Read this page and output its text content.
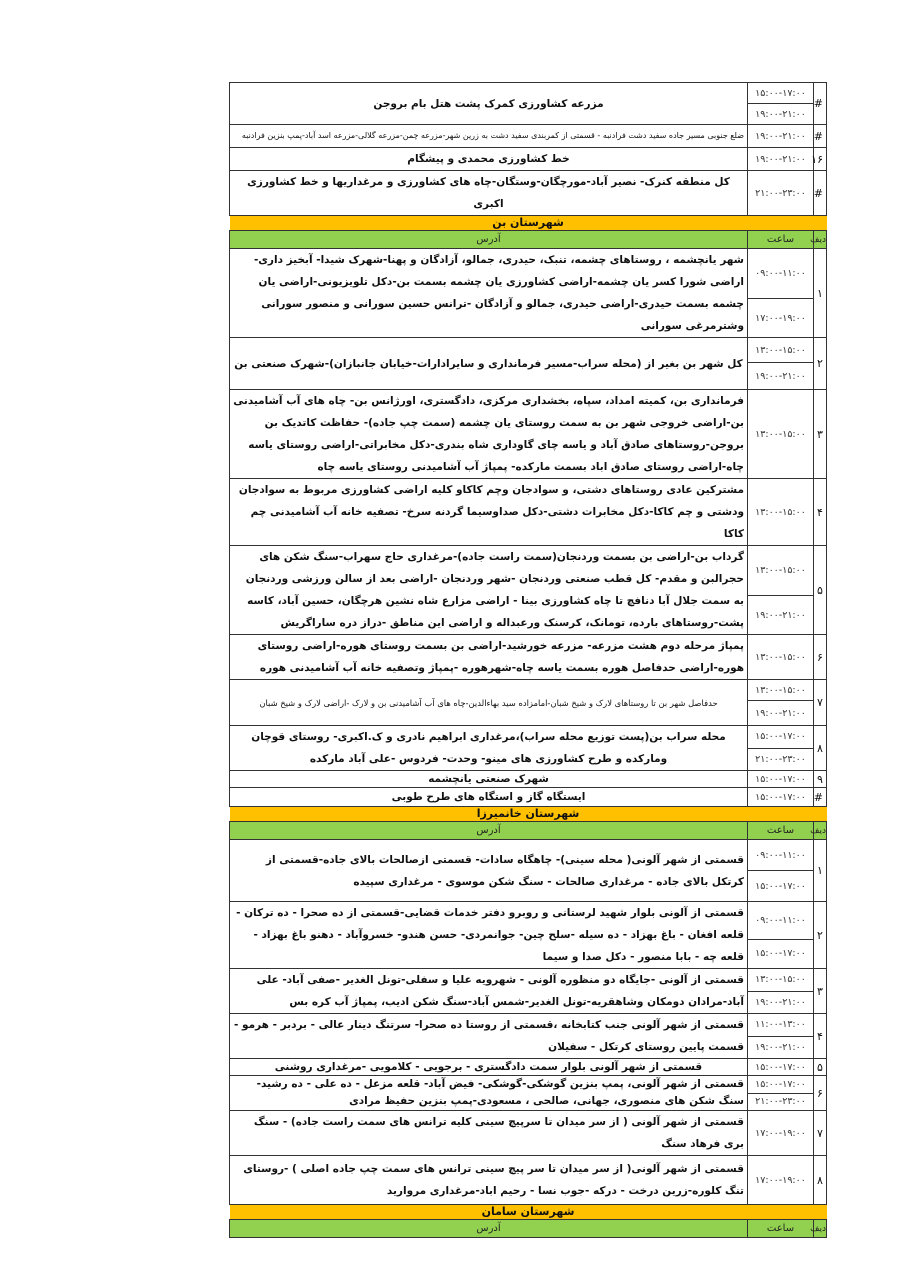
#	۱۵:۰۰-۱۷:۰۰	مزرعه کشاورزی کمرک پشت هتل بام بروجن
	۱۹:۰۰-۲۱:۰۰	
#	۱۹:۰۰-۲۱:۰۰	ضلع جنوبی مسیر جاده سفید دشت فرادنبه - قسمتی از کمربندی سفید دشت به زرین شهر-مزرعه چمن-مزرعه گلالی-مزرعه اسد آباد-پمپ بنزین فرادنبه
۱۶	۱۹:۰۰-۲۱:۰۰	خط کشاورزی محمدی و پیشگام
#	۲۱:۰۰-۲۳:۰۰	کل منطقه کنرک- نصیر آباد-مورچگان-وستگان-چاه های کشاورزی و مرغداریها و خط کشاورزی اکبری
شهرستان بن		
ديف	ساعت	آدرس
۱	۰۹:۰۰-۱۱:۰۰	شهر یانچشمه ، روستاهای چشمه، تنبک، حیدری، جمالو، آزادگان و پهنا-شهرک شیدا- آبخیز داری-اراضی شورا کسر یان چشمه-اراضی کشاورزی یان چشمه بسمت بن-دکل تلویزیونی-اراضی یان چشمه بسمت حیدری-اراضی حیدری، جمالو و آزادگان -ترانس حسین سورانی و منصور سورانی وشترمرغی سورانی
	۱۷:۰۰-۱۹:۰۰	
۲	۱۳:۰۰-۱۵:۰۰	کل شهر بن بغیر از (محله سراب-مسیر فرمانداری و سایرادارات-خیابان جانبازان)-شهرک صنعتی بن
	۱۹:۰۰-۲۱:۰۰	
۳	۱۳:۰۰-۱۵:۰۰	فرمانداری بن، کمیته امداد، سپاه، بخشداری مرکزی، دادگستری، اورژانس بن- چاه های آب آشامیدنی بن-اراضی خروجی شهر بن به سمت روستای یان چشمه (سمت چپ جاده)- حفاظت کاتدیک بن بروجن-روستاهای صادق آباد و یاسه چای گاوداری شاه بندری-دکل مخابراتی-اراضی روستای یاسه چاه-اراضی روستای صادق اباد بسمت مارکده- پمپاژ آب آشامیدنی روستای یاسه چاه
۴	۱۳:۰۰-۱۵:۰۰	مشترکین عادی روستاهای دشتی، و سوادجان وچم کاکاو کلیه اراضی کشاورزی مربوط به سوادجان ودشتی و چم کاکا-دکل مخابرات دشتی-دکل صداوسیما گردنه سرخ- تصفیه خانه آب آشامیدنی چم کاکا
۵	۱۳:۰۰-۱۵:۰۰	گرداب بن-اراضی بن بسمت وردنجان(سمت راست جاده)-مرغداری حاج سهراب-سنگ شکن های حجرالبن و مقدم- کل قطب صنعتی وردنجان -شهر وردنجان -اراضی بعد از سالن ورزشی وردنجان به سمت جلال آبا دنافچ تا چاه کشاورزی بینا - اراضی مزارع شاه نشین هرچگان، حسین آباد، کاسه پشت-روستاهای بارده، تومانک، کرسنک ورعبداله و اراضی این مناطق -دراز دره ساراگریش
	۱۹:۰۰-۲۱:۰۰	
۶	۱۳:۰۰-۱۵:۰۰	پمپاژ مرحله دوم هشت مزرعه- مزرعه خورشید-اراضی بن بسمت روستای هوره-اراضی روستای هوره-اراضی حدفاصل هوره بسمت یاسه چاه-شهرهوره -پمپاژ وتصفیه خانه آب آشامیدنی هوره
۷	۱۳:۰۰-۱۵:۰۰	حدفاصل شهر بن تا روستاهای لارک و شیخ شبان-امامزاده سید بهاءالدین-چاه های آب آشامیدنی بن و لارک -اراضی لارک و شیخ شبان
	۱۹:۰۰-۲۱:۰۰	
۸	۱۵:۰۰-۱۷:۰۰	محله سراب بن(پست توزیع محله سراب)،مرغداری ابراهیم نادری و ک.اکبری- روستای قوچان ومارکده و طرح کشاورزی های مینو- وحدت- فردوس -علی آباد مارکده
	۲۱:۰۰-۲۳:۰۰	
۹	۱۵:۰۰-۱۷:۰۰	شهرک صنعتی یانچشمه
#	۱۵:۰۰-۱۷:۰۰	ایستگاه گاز و استگاه های طرح طوبی
شهرستان خانمیرزا		
ديف	ساعت	آدرس
۱	۰۹:۰۰-۱۱:۰۰	قسمتی از شهر آلونی( محله سینی)- چاهگاه سادات- قسمتی ازصالحات بالای جاده-قسمتی از کرتکل بالای جاده - مرغداری صالحات - سنگ شکن موسوی - مرغداری سپیده
	۱۵:۰۰-۱۷:۰۰	
۲	۰۹:۰۰-۱۱:۰۰	قسمتی از آلونی بلوار شهید لرستانی و روبرو دفتر خدمات قضایی-قسمتی از ده صحرا - ده ترکان - قلعه افغان - باغ بهزاد - ده سیله -سلح چین- جوانمردی- حسن هندو- خسروآباد - دهنو باغ بهزاد - قلعه چه - بابا منصور - دکل صدا و سیما
	۱۵:۰۰-۱۷:۰۰	
۳	۱۳:۰۰-۱۵:۰۰	قسمتی از آلونی -جایگاه دو منظوره آلونی - شهرویه علیا و سفلی-تونل الغدیر -صفی آباد- علی آباد-مرادان دومکان وشاهقریه-تونل الغدیر-شمس آباد-سنگ شکن ادیب، پمپاژ آب کره بس
	۱۹:۰۰-۲۱:۰۰	
۴	۱۱:۰۰-۱۳:۰۰	قسمتی از شهر آلونی جنب کتابخانه ،قسمتی از روستا ده صحرا- سرتنگ دینار عالی - بردبر - هرمو - قسمت پایین روستای کرتکل - سفیلان
	۱۹:۰۰-۲۱:۰۰	
۵	۱۵:۰۰-۱۷:۰۰	قسمتی از شهر آلونی بلوار سمت دادگستری - برجویی - کلامویی -مرغداری روشنی
۶	۱۵:۰۰-۱۷:۰۰	قسمتی از شهر آلونی، پمپ بنزین گوشکی-گوشکی- فیض آباد- قلعه مزعل - ده علی - ده رشید- سنگ شکن های منصوری، جهانی، صالحی ، مسعودی-پمپ بنزین حفیظ مرادی
	۲۱:۰۰-۲۳:۰۰	
۷	۱۷:۰۰-۱۹:۰۰	قسمتی از شهر آلونی ( از سر میدان تا سرپیچ سینی کلیه ترانس های سمت راست جاده) - سنگ بری فرهاد سنگ
۸	۱۷:۰۰-۱۹:۰۰	قسمتی از شهر آلونی( از سر میدان تا سر پیچ سینی ترانس های سمت چپ جاده اصلی ) -روستای تنگ کلوره-زرین درخت - درکه -جوب نسا - رحیم اباد-مرغداری مروارید
شهرستان سامان		
ديف	ساعت	آدرس
